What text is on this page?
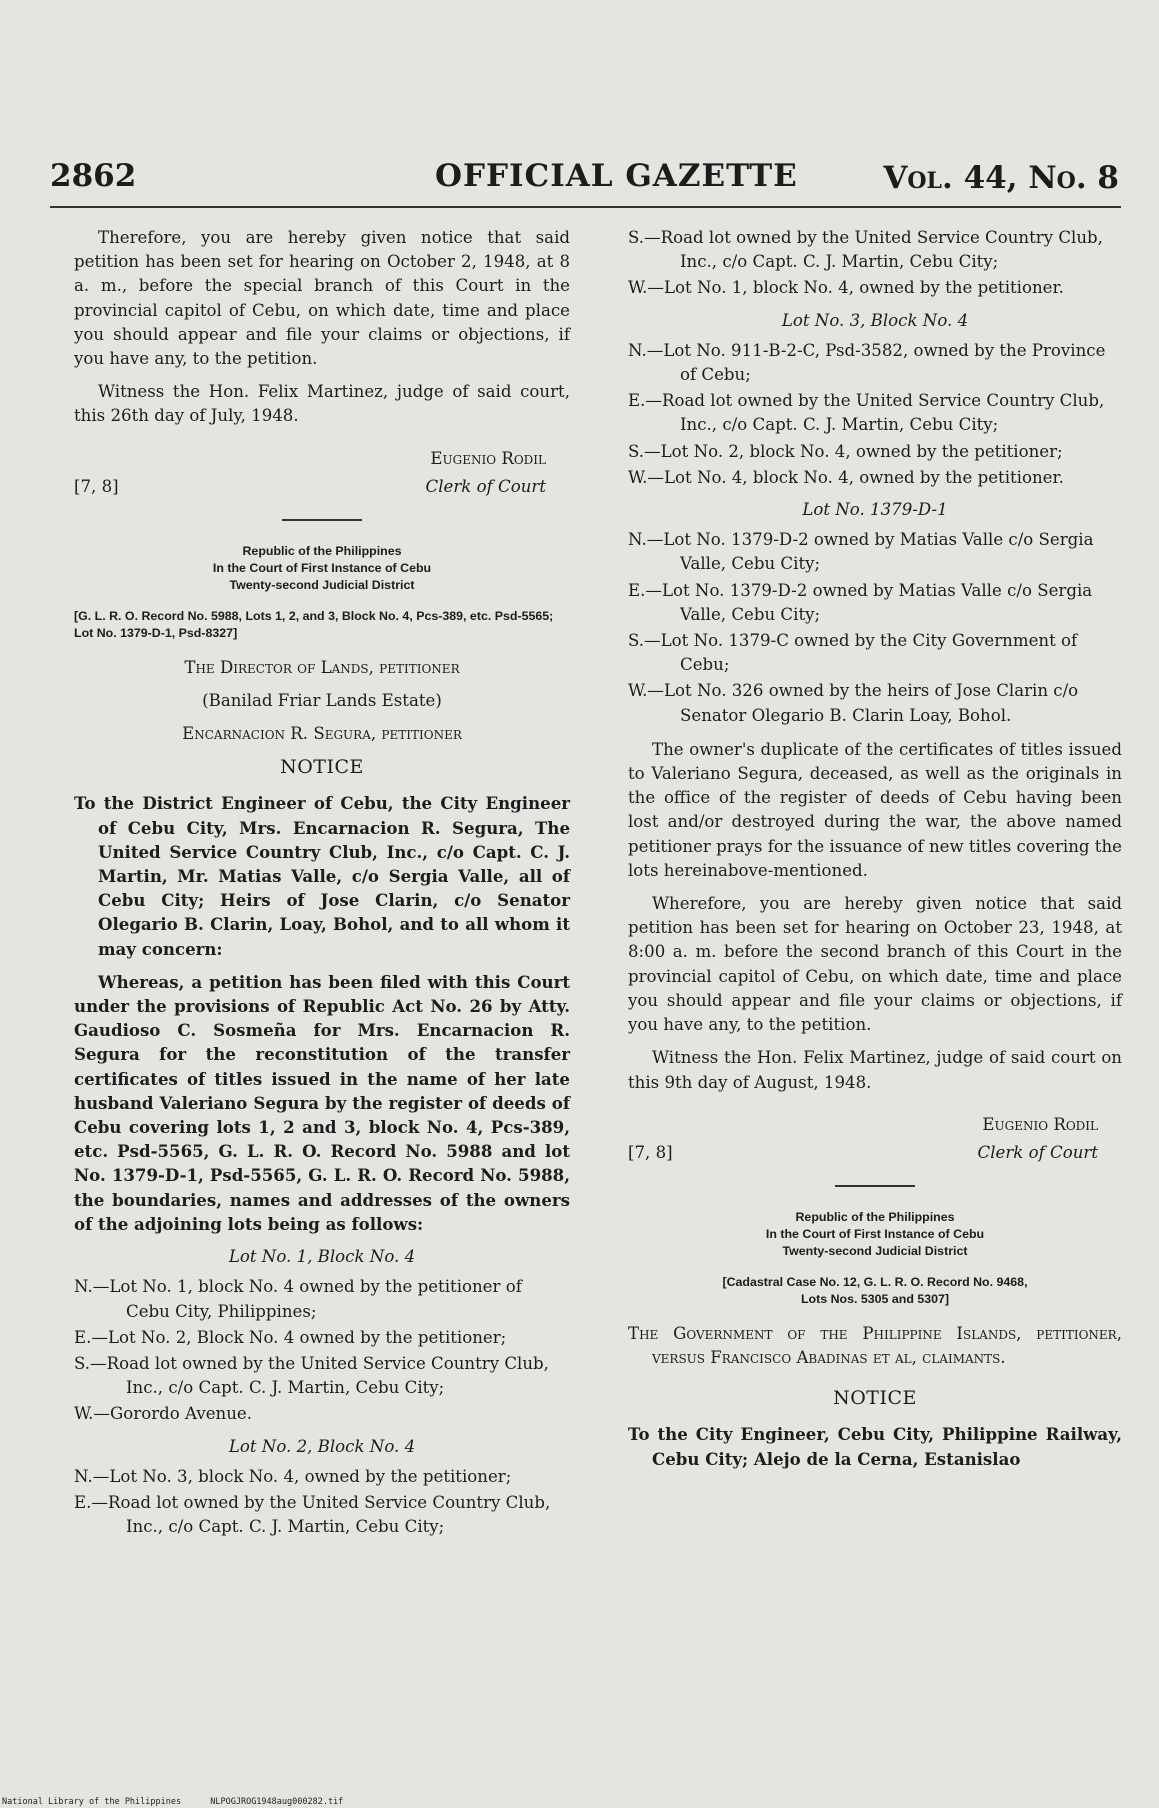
2862	OFFICIAL GAZETTE	Vol. 44, No. 8

Therefore, you are hereby given notice that said petition has been set for hearing on October 2, 1948, at 8 a. m., before the special branch of this Court in the provincial capitol of Cebu, on which date, time and place you should appear and file your claims or objections, if you have any, to the petition.

Witness the Hon. Felix Martinez, judge of said court, this 26th day of July, 1948.

Eugenio Rodil
[7, 8]	Clerk of Court
Republic of the Philippines
In the Court of First Instance of Cebu
Twenty-second Judicial District
[G. L. R. O. Record No. 5988, Lots 1, 2, and 3, Block No. 4, Pcs-389, etc. Psd-5565; Lot No. 1379-D-1, Psd-8327]

The Director of Lands, petitioner

(Banilad Friar Lands Estate)

Encarnacion R. Segura, petitioner

NOTICE

To the District Engineer of Cebu, the City Engineer of Cebu City, Mrs. Encarnacion R. Segura, The United Service Country Club, Inc., c/o Capt. C. J. Martin, Mr. Matias Valle, c/o Sergia Valle, all of Cebu City; Heirs of Jose Clarin, c/o Senator Olegario B. Clarin, Loay, Bohol, and to all whom it may concern:

Whereas, a petition has been filed with this Court under the provisions of Republic Act No. 26 by Atty. Gaudioso C. Sosmeña for Mrs. Encarnacion R. Segura for the reconstitution of the transfer certificates of titles issued in the name of her late husband Valeriano Segura by the register of deeds of Cebu covering lots 1, 2 and 3, block No. 4, Pcs-389, etc. Psd-5565, G. L. R. O. Record No. 5988 and lot No. 1379-D-1, Psd-5565, G. L. R. O. Record No. 5988, the boundaries, names and addresses of the owners of the adjoining lots being as follows:

Lot No. 1, Block No. 4

N.—Lot No. 1, block No. 4 owned by the petitioner of Cebu City, Philippines;

E.—Lot No. 2, Block No. 4 owned by the petitioner;

S.—Road lot owned by the United Service Country Club, Inc., c/o Capt. C. J. Martin, Cebu City;

W.—Gorordo Avenue.

Lot No. 2, Block No. 4

N.—Lot No. 3, block No. 4, owned by the petitioner;

E.—Road lot owned by the United Service Country Club, Inc., c/o Capt. C. J. Martin, Cebu City;

S.—Road lot owned by the United Service Country Club, Inc., c/o Capt. C. J. Martin, Cebu City;

W.—Lot No. 1, block No. 4, owned by the petitioner.

Lot No. 3, Block No. 4

N.—Lot No. 911-B-2-C, Psd-3582, owned by the Province of Cebu;

E.—Road lot owned by the United Service Country Club, Inc., c/o Capt. C. J. Martin, Cebu City;

S.—Lot No. 2, block No. 4, owned by the petitioner;

W.—Lot No. 4, block No. 4, owned by the petitioner.

Lot No. 1379-D-1

N.—Lot No. 1379-D-2 owned by Matias Valle c/o Sergia Valle, Cebu City;

E.—Lot No. 1379-D-2 owned by Matias Valle c/o Sergia Valle, Cebu City;

S.—Lot No. 1379-C owned by the City Government of Cebu;

W.—Lot No. 326 owned by the heirs of Jose Clarin c/o Senator Olegario B. Clarin Loay, Bohol.

The owner's duplicate of the certificates of titles issued to Valeriano Segura, deceased, as well as the originals in the office of the register of deeds of Cebu having been lost and/or destroyed during the war, the above named petitioner prays for the issuance of new titles covering the lots hereinabove-mentioned.

Wherefore, you are hereby given notice that said petition has been set for hearing on October 23, 1948, at 8:00 a. m. before the second branch of this Court in the provincial capitol of Cebu, on which date, time and place you should appear and file your claims or objections, if you have any, to the petition.

Witness the Hon. Felix Martinez, judge of said court on this 9th day of August, 1948.

Eugenio Rodil
[7, 8]	Clerk of Court
Republic of the Philippines
In the Court of First Instance of Cebu
Twenty-second Judicial District
[Cadastral Case No. 12, G. L. R. O. Record No. 9468,
Lots Nos. 5305 and 5307]

The Government of the Philippine Islands, petitioner, versus Francisco Abadinas et al, claimants.

NOTICE

To the City Engineer, Cebu City, Philippine Railway, Cebu City; Alejo de la Cerna, Estanislao

National Library of the Philippines	NLPOGJROG1948aug000282.tif
